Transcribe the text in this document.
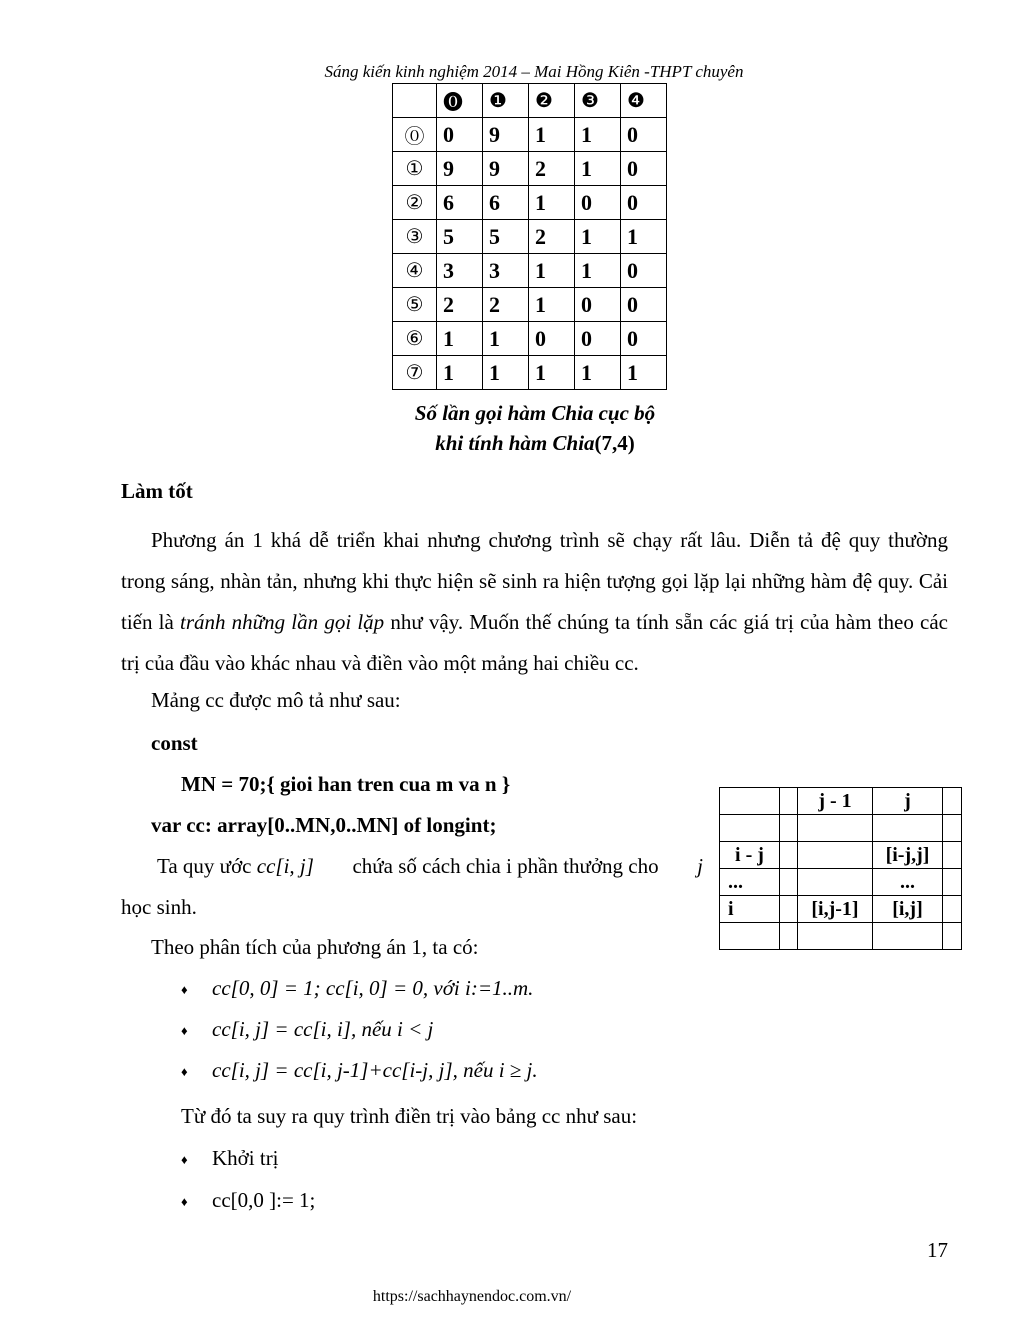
Sáng kiến kinh nghiệm 2014 – Mai Hồng Kiên -THPT chuyên
	⓿	❶	❷	❸	❹
⓪	0	9	1	1	0
①	9	9	2	1	0
②	6	6	1	0	0
③	5	5	2	1	1
④	3	3	1	1	0
⑤	2	2	1	0	0
⑥	1	1	0	0	0
⑦	1	1	1	1	1
Số lần gọi hàm Chia cục bộ
khi tính hàm Chia(7,4)
Làm tốt

Phương án 1 khá dễ triển khai nhưng chương trình sẽ chạy rất lâu. Diễn tả đệ quy thường trong sáng, nhàn tản, nhưng khi thực hiện sẽ sinh ra hiện tượng gọi lặp lại những hàm đệ quy. Cải tiến là tránh những lần gọi lặp như vậy. Muốn thế chúng ta tính sẵn các giá trị của hàm theo các trị của đầu vào khác nhau và điền vào một mảng hai chiều cc.

Mảng cc được mô tả như sau:
const
MN = 70;{ gioi han tren cua m va n }
var cc: array[0..MN,0..MN] of longint;
Ta quy ước cc[i, j] chứa số cách chia i phần thưởng cho j
học sinh.
Theo phân tích của phương án 1, ta có:
♦ cc[0, 0] = 1; cc[i, 0] = 0, với i:=1..m.
♦ cc[i, j] = cc[i, i], nếu i < j
♦ cc[i, j] = cc[i, j-1]+cc[i-j, j], nếu i ≥ j.
Từ đó ta suy ra quy trình điền trị vào bảng cc như sau:
♦ Khởi trị
♦ cc[0,0 ]:= 1;
		j - 1	j	

i - j			[i-j,j]	
...			...	
i		[i,j-1]	[i,j]	

17
https://sachhaynendoc.com.vn/
